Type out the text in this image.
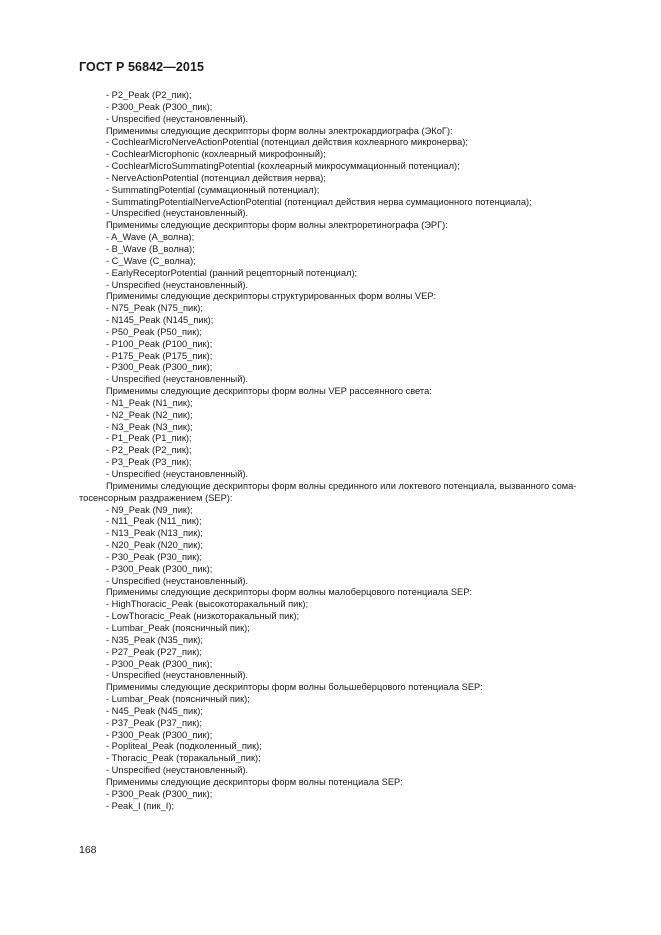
ГОСТ Р 56842—2015

- P2_Peak (P2_пик);
- P300_Peak (P300_пик);
- Unspecified (неустановленный).
Применимы следующие дескрипторы форм волны электрокардиографа (ЭКоГ):
- CochlearMicroNerveActionPotential (потенциал действия кохлеарного микронерва);
- CochlearMicrophonic (кохлеарный микрофонный);
- CochlearMicroSummatingPotential (кохлеарный микросуммационный потенциал);
- NerveActionPotential (потенциал действия нерва);
- SummatingPotential (суммационный потенциал);
- SummatingPotentialNerveActionPotential (потенциал действия нерва суммационного потенциала);
- Unspecified (неустановленный).
Применимы следующие дескрипторы форм волны электроретинографа (ЭРГ):
- A_Wave (A_волна);
- B_Wave (B_волна);
- C_Wave (C_волна);
- EarlyReceptorPotential (ранний рецепторный потенциал);
- Unspecified (неустановленный).
Применимы следующие дескрипторы структурированных форм волны VEP:
- N75_Peak (N75_пик);
- N145_Peak (N145_пик);
- P50_Peak (P50_пик);
- P100_Peak (P100_пик);
- P175_Peak (P175_пик);
- P300_Peak (P300_пик);
- Unspecified (неустановленный).
Применимы следующие дескрипторы форм волны VEP рассеянного света:
- N1_Peak (N1_пик);
- N2_Peak (N2_пик);
- N3_Peak (N3_пик);
- P1_Peak (P1_пик);
- P2_Peak (P2_пик);
- P3_Peak (P3_пик);
- Unspecified (неустановленный).
Применимы следующие дескрипторы форм волны срединного или локтевого потенциала, вызванного сома-
тосенсорным раздражением (SEP):
- N9_Peak (N9_пик);
- N11_Peak (N11_пик);
- N13_Peak (N13_пик);
- N20_Peak (N20_пик);
- P30_Peak (P30_пик);
- P300_Peak (P300_пик);
- Unspecified (неустановленный).
Применимы следующие дескрипторы форм волны малоберцового потенциала SEP:
- HighThoracic_Peak (высокоторакальный пик);
- LowThoracic_Peak (низкоторакальный пик);
- Lumbar_Peak (поясничный пик);
- N35_Peak (N35_пик);
- P27_Peak (P27_пик);
- P300_Peak (P300_пик);
- Unspecified (неустановленный).
Применимы следующие дескрипторы форм волны большеберцового потенциала SEP:
- Lumbar_Peak (поясничный пик);
- N45_Peak (N45_пик);
- P37_Peak (P37_пик);
- P300_Peak (P300_пик);
- Popliteal_Peak (подколенный_пик);
- Thoracic_Peak (торакальный_пик);
- Unspecified (неустановленный).
Применимы следующие дескрипторы форм волны потенциала SEP:
- P300_Peak (P300_пик);
- Peak_I (пик_I);

168
